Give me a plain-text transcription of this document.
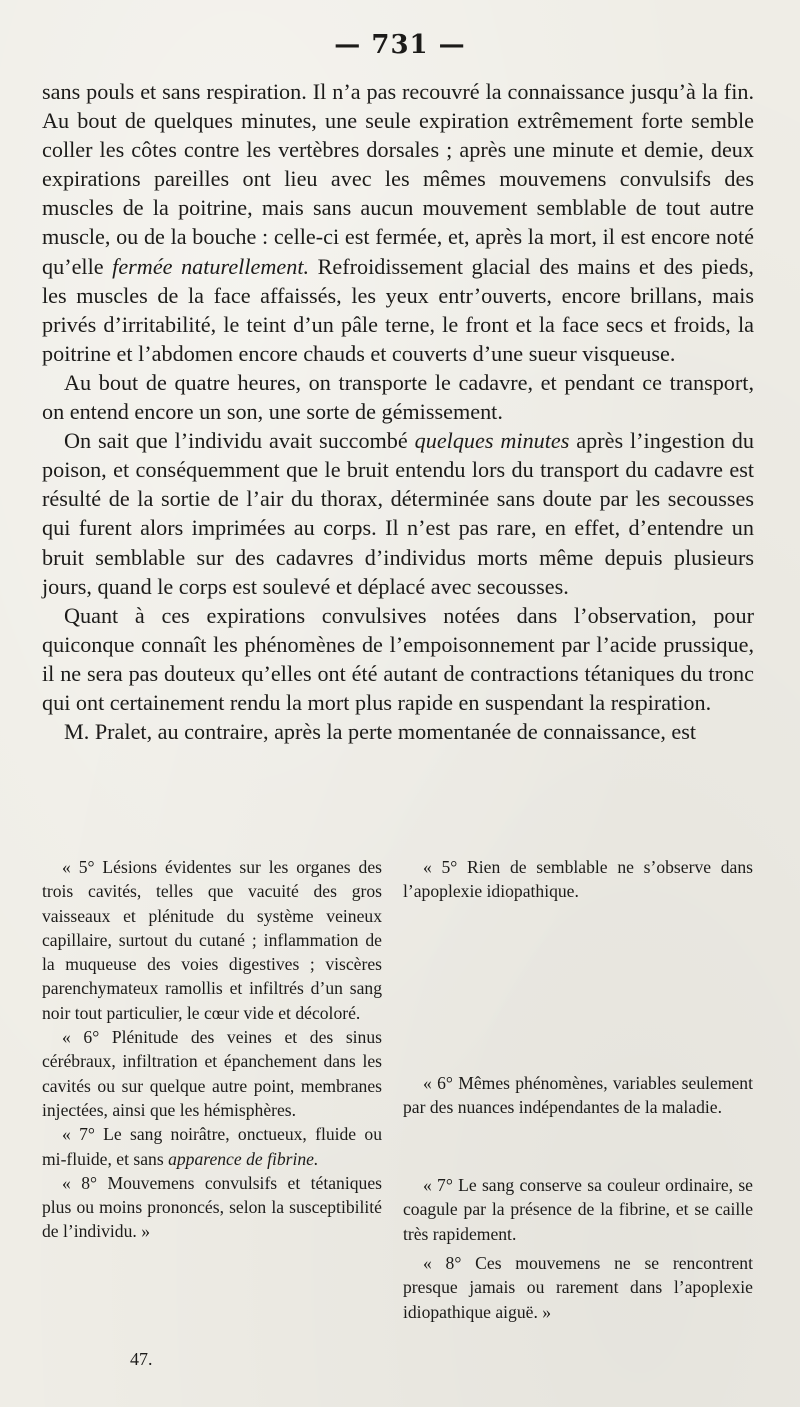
— 731 —

sans pouls et sans respiration. Il n’a pas recouvré la connaissance jusqu’à la fin. Au bout de quelques minutes, une seule expiration extrêmement forte semble coller les côtes contre les vertèbres dorsales ; après une minute et demie, deux expirations pareilles ont lieu avec les mêmes mouvemens convulsifs des muscles de la poitrine, mais sans aucun mouvement semblable de tout autre muscle, ou de la bouche : celle-ci est fermée, et, après la mort, il est encore noté qu’elle fermée naturellement. Refroidissement glacial des mains et des pieds, les muscles de la face affaissés, les yeux entr’ouverts, encore brillans, mais privés d’irritabilité, le teint d’un pâle terne, le front et la face secs et froids, la poitrine et l’abdomen encore chauds et couverts d’une sueur visqueuse.

Au bout de quatre heures, on transporte le cadavre, et pendant ce transport, on entend encore un son, une sorte de gémissement.

On sait que l’individu avait succombé quelques minutes après l’ingestion du poison, et conséquemment que le bruit entendu lors du transport du cadavre est résulté de la sortie de l’air du thorax, déterminée sans doute par les secousses qui furent alors imprimées au corps. Il n’est pas rare, en effet, d’entendre un bruit semblable sur des cadavres d’individus morts même depuis plusieurs jours, quand le corps est soulevé et déplacé avec secousses.

Quant à ces expirations convulsives notées dans l’observation, pour quiconque connaît les phénomènes de l’empoisonnement par l’acide prussique, il ne sera pas douteux qu’elles ont été autant de contractions tétaniques du tronc qui ont certainement rendu la mort plus rapide en suspendant la respiration.

M. Pralet, au contraire, après la perte momentanée de connaissance, est

« 5° Lésions évidentes sur les organes des trois cavités, telles que vacuité des gros vaisseaux et plénitude du système veineux capillaire, surtout du cutané ; inflammation de la muqueuse des voies digestives ; viscères parenchymateux ramollis et infiltrés d’un sang noir tout particulier, le cœur vide et décoloré.

« 6° Plénitude des veines et des sinus cérébraux, infiltration et épanchement dans les cavités ou sur quelque autre point, membranes injectées, ainsi que les hémisphères.

« 7° Le sang noirâtre, onctueux, fluide ou mi-fluide, et sans apparence de fibrine.

« 8° Mouvemens convulsifs et tétaniques plus ou moins prononcés, selon la susceptibilité de l’individu. »

« 5° Rien de semblable ne s’observe dans l’apoplexie idiopathique.

« 6° Mêmes phénomènes, variables seulement par des nuances indépendantes de la maladie.

« 7° Le sang conserve sa couleur ordinaire, se coagule par la présence de la fibrine, et se caille très rapidement.

« 8° Ces mouvemens ne se rencontrent presque jamais ou rarement dans l’apoplexie idiopathique aiguë. »

47.
